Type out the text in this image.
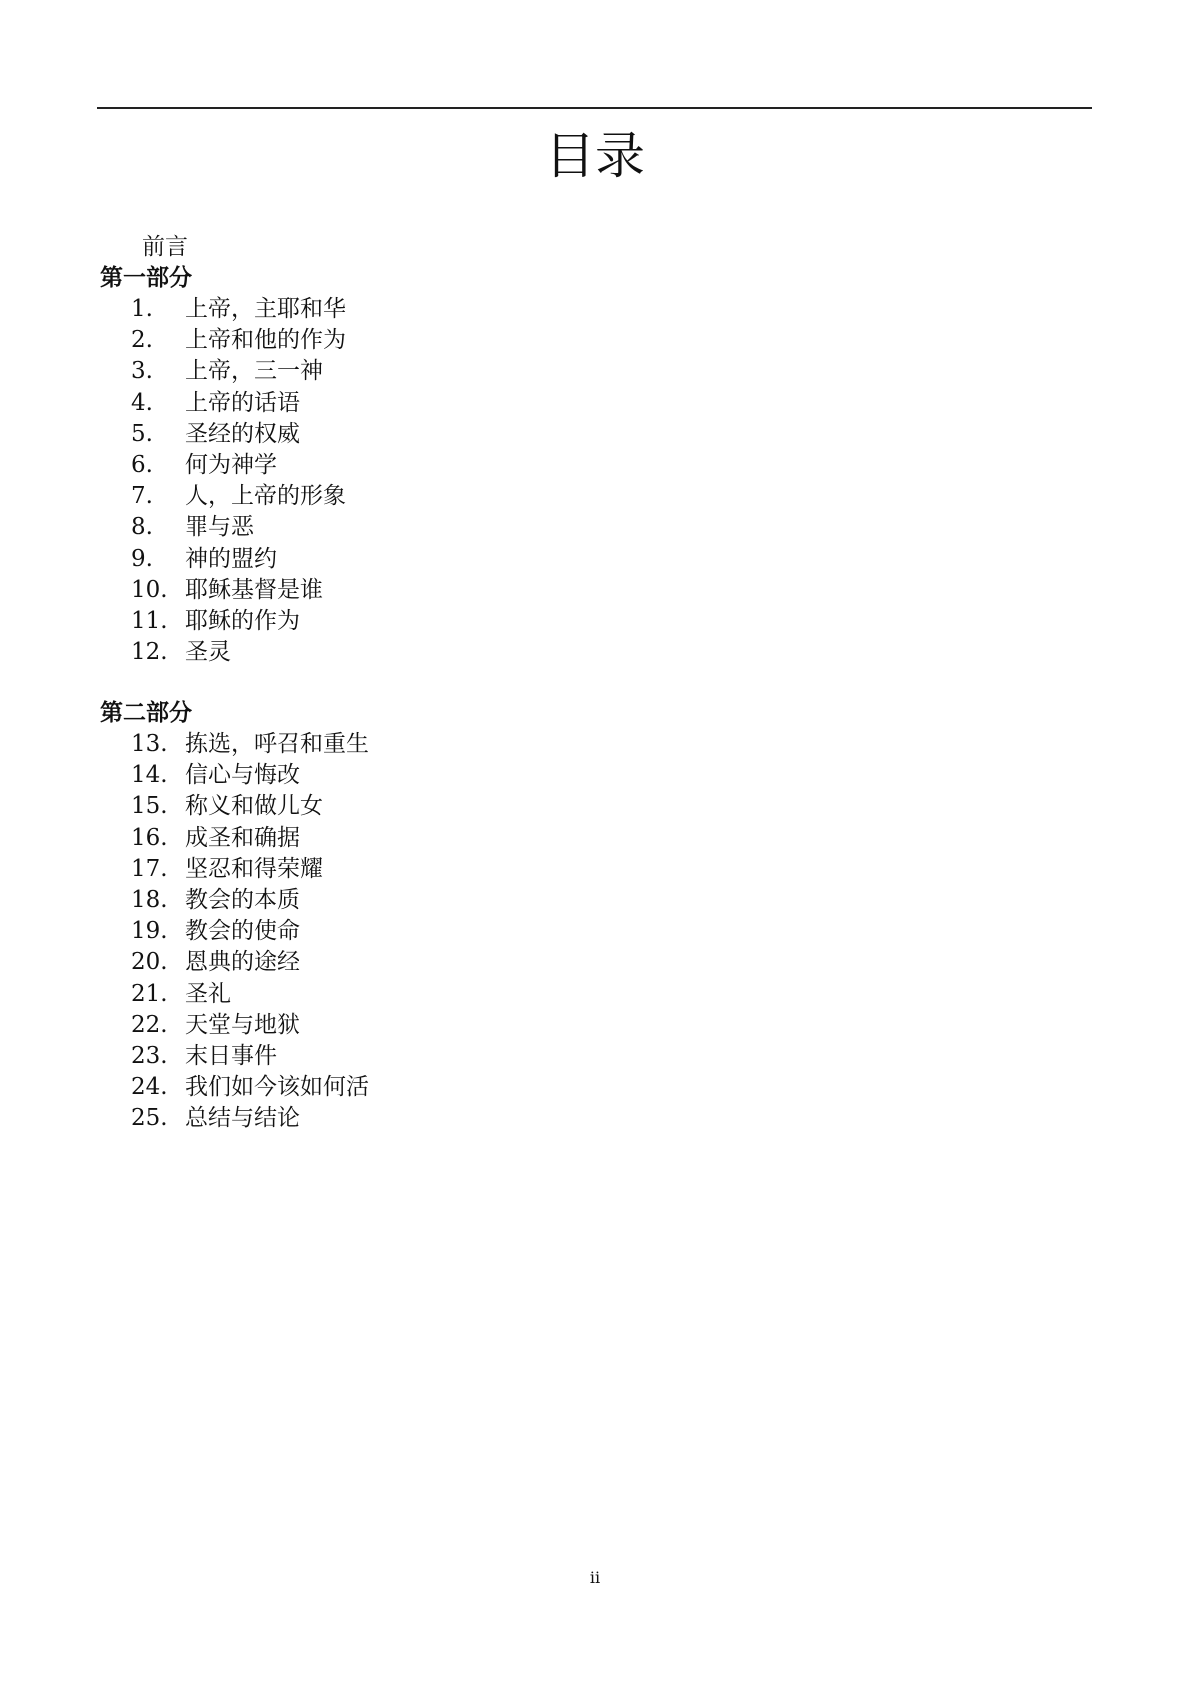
目录
前言
第一部分
1.	上帝，主耶和华
2.	上帝和他的作为
3.	上帝，三一神
4.	上帝的话语
5.	圣经的权威
6.	何为神学
7.	人，上帝的形象
8.	罪与恶
9.	神的盟约
10. 耶稣基督是谁
11. 耶稣的作为
12. 圣灵
第二部分
13. 拣选，呼召和重生
14. 信心与悔改
15. 称义和做儿女
16. 成圣和确据
17. 坚忍和得荣耀
18. 教会的本质
19. 教会的使命
20. 恩典的途经
21. 圣礼
22. 天堂与地狱
23. 末日事件
24. 我们如今该如何活
25. 总结与结论
ii
